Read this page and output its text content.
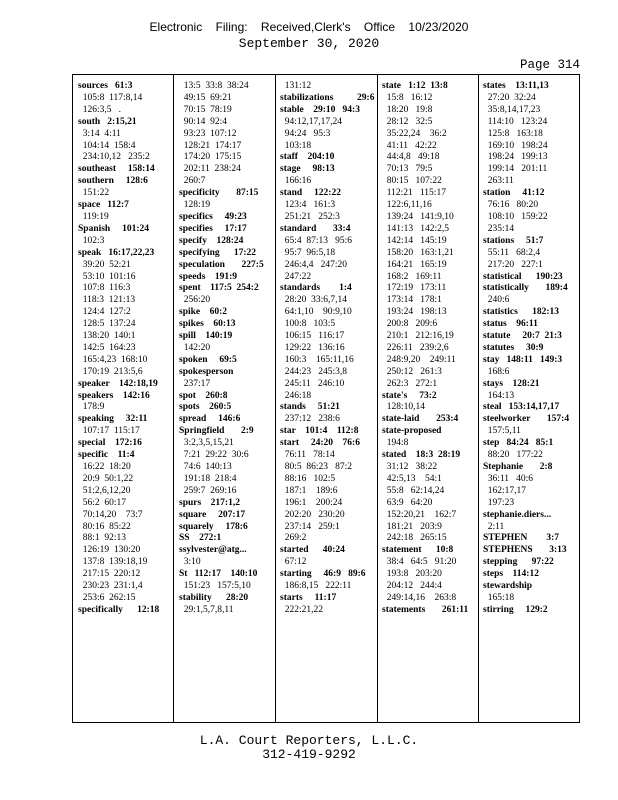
Electronic Filing: Received,Clerk's Office 10/23/2020
September 30, 2020
Page 314
sources   61:3
105:8  117:8,14
126:3,5   .
south   2:15,21
3:14  4:11
104:14  158:4
234:10,12   235:2
southeast     158:14
southern     128:6
151:22
space   112:7
119:19
Spanish     101:24
102:3
speak   16:17,22,23
39:20  52:21
53:10  101:16
107:8  116:3
118:3  121:13
124:4  127:2
128:5  137:24
138:20  140:1
142:5  164:23
165:4,23  168:10
170:19  213:5,6
speaker    142:18,19
speakers    142:16
178:9
speaking     32:11
107:17  115:17
special    172:16
specific    11:4
16:22  18:20
20:9  50:1,22
51:2,6,12,20
56:2  60:17
70:14,20    73:7
80:16  85:22
88:1  92:13
126:19  130:20
137:8  139:18,19
217:15  220:12
230:23  231:1,4
253:6  262:15
specifically      12:18
13:5  33:8  38:24
49:15  69:21
70:15  78:19
90:14  92:4
93:23  107:12
128:21  174:17
174:20  175:15
202:11  238:24
260:7
specificity       87:15
128:19
specifics     49:23
specifies     17:17
specify    128:24
specifying      17:22
speculation       227:5
speeds    191:9
spent    117:5  254:2
256:20
spike    60:2
spikes    60:13
spill    140:19
142:20
spoken     69:5
spokesperson
237:17
spot    260:8
spots    260:5
spread     146:6
Springfield       2:9
3:2,3,5,15,21
7:21  29:22  30:6
74:6  140:13
191:18  218:4
259:7  269:16
spurs    217:1,2
square     207:17
squarely     178:6
SS    272:1
ssylvester@atg...
3:10
St   112:17    140:10
151:23   157:5,10
stability      28:20
29:1,5,7,8,11
131:12
stabilizations          29:6
stable    29:10   94:3
94:12,17,17,24
94:24   95:3
103:18
staff    204:10
stage     98:13
166:16
stand     122:22
123:4   161:3
251:21   252:3
standard       33:4
65:4  87:13   95:6
95:7  96:5,18
246:4,4   247:20
247:22
standards        1:4
28:20  33:6,7,14
64:1,10    90:9,10
100:8   103:5
106:15   116:17
129:22   136:16
160:3    165:11,16
244:23   245:3,8
245:11   246:10
246:18
stands     51:21
237:12   238:6
star    101:4    112:8
start     24:20    76:6
76:11   78:14
80:5  86:23   87:2
88:16   102:5
187:1    189:6
196:1    200:24
202:20   230:20
237:14   259:1
269:2
started      40:24
67:12
starting     46:9   89:6
186:8,15   222:11
starts     11:17
222:21,22
state   1:12  13:8
15:8   16:12
18:20   19:8
28:12   32:5
35:22,24    36:2
41:11   42:22
44:4,8   49:18
70:13   79:5
80:15   107:22
112:21   115:17
122:6,11,16
139:24   141:9,10
141:13   142:2,5
142:14   145:19
158:20   163:1,21
164:21   165:19
168:2   169:11
172:19   173:11
173:14   178:1
193:24   198:13
200:8   209:6
210:1   212:16,19
226:11   239:2,6
248:9,20    249:11
250:12   261:3
262:3   272:1
state's     73:2
128:10,14
state-laid       253:4
state-proposed
194:8
stated    18:3  28:19
31:12   38:22
42:5,13    54:1
55:8   62:14,24
63:9   64:20
152:20,21    162:7
181:21   203:9
242:18   265:15
statement      10:8
38:4   64:5   91:20
193:8   203:20
204:12   244:4
249:14,16    263:8
statements       261:11
states    13:11,13
27:20  32:24
35:8,14,17,23
114:10   123:24
125:8   163:18
169:10   198:24
198:24   199:13
199:14   201:11
263:11
station     41:12
76:16   80:20
108:10   159:22
235:14
stations     51:7
55:11   68:2,4
217:20   227:1
statistical      190:23
statistically       189:4
240:6
statistics      182:13
status    96:11
statute     20:7  21:3
statutes     30:9
stay   148:11   149:3
168:6
stays    128:21
164:13
steal   153:14,17,17
steelworker       157:4
157:5,11
step   84:24   85:1
88:20   177:22
Stephanie       2:8
36:11   40:6
162:17,17
197:23
stephanie.diers...
2:11
STEPHEN        3:7
STEPHENS       3:13
stepping      97:22
steps    114:12
stewardship
165:18
stirring     129:2
L.A. Court Reporters, L.L.C.
312-419-9292
